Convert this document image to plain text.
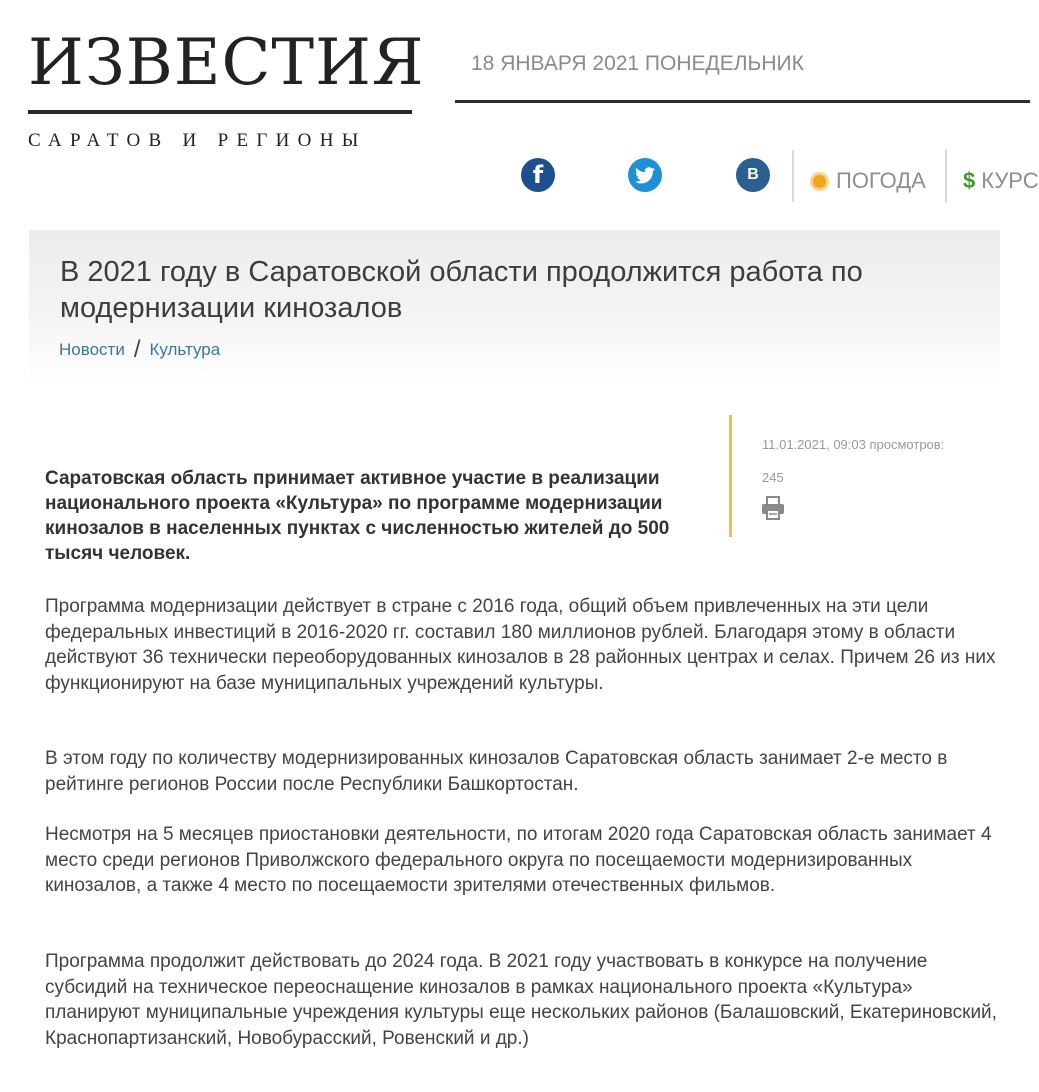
ИЗВЕСТИЯ
САРАТОВ И РЕГИОНЫ
18 ЯНВАРЯ 2021 ПОНЕДЕЛЬНИК
f	B	ПОГОДА $ КУРС
В 2021 году в Саратовской области продолжится работа по модернизации кинозалов
Новости / Культура
11.01.2021, 09:03 просмотров:
245

Саратовская область принимает активное участие в реализации национального проекта «Культура» по программе модернизации кинозалов в населенных пунктах с численностью жителей до 500 тысяч человек.

Программа модернизации действует в стране с 2016 года, общий объем привлеченных на эти цели федеральных инвестиций в 2016-2020 гг. составил 180 миллионов рублей. Благодаря этому в области действуют 36 технически переоборудованных кинозалов в 28 районных центрах и селах. Причем 26 из них функционируют на базе муниципальных учреждений культуры.

В этом году по количеству модернизированных кинозалов Саратовская область занимает 2-е место в рейтинге регионов России после Республики Башкортостан.

Несмотря на 5 месяцев приостановки деятельности, по итогам 2020 года Саратовская область занимает 4 место среди регионов Приволжского федерального округа по посещаемости модернизированных кинозалов, а также 4 место по посещаемости зрителями отечественных фильмов.

Программа продолжит действовать до 2024 года. В 2021 году участвовать в конкурсе на получение субсидий на техническое переоснащение кинозалов в рамках национального проекта «Культура» планируют муниципальные учреждения культуры еще нескольких районов (Балашовский, Екатериновский, Краснопартизанский, Новобурасский, Ровенский и др.)
